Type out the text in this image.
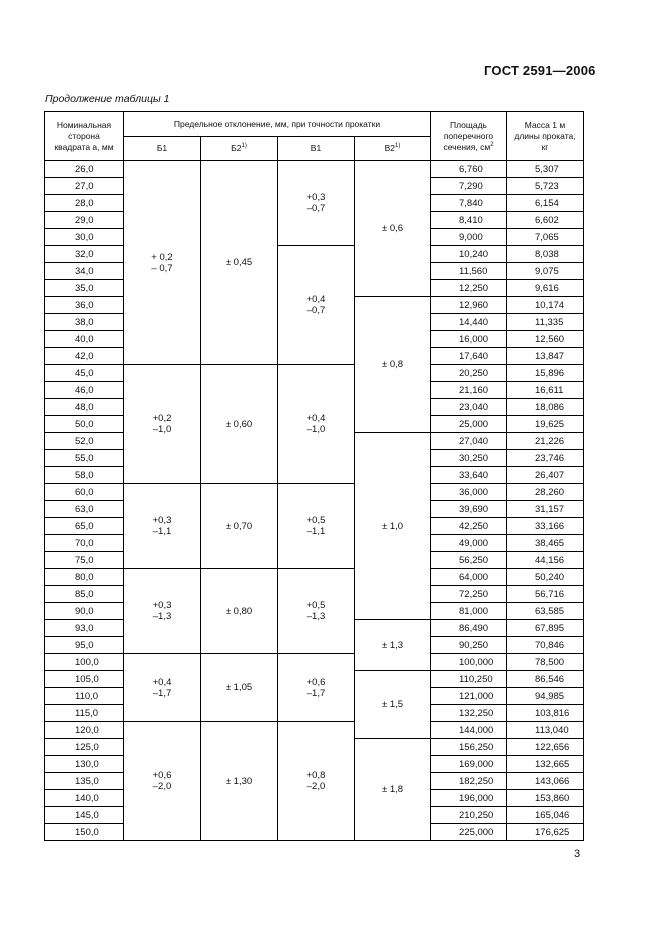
ГОСТ 2591—2006
Продолжение таблицы 1
Номинальная
сторона
квадрата а, мм	Предельное отклонение, мм, при точности прокатки				Площадь
поперечного
сечения, $см^2$	Масса 1 м
длины проката,
кг

	Б1	Б2$^{1)}$	В1	В2$^{1)}$
26,0	+ 0,2
– 0,7	± 0,45	+0,3
–0,7	± 0,6	6,760	5,307
27,0					7,290	5,723
28,0					7,840	6,154
29,0					8,410	6,602
30,0					9,000	7,065
32,0			+0,4
–0,7		10,240	8,038
34,0					11,560	9,075
35,0					12,250	9,616
36,0				± 0,8	12,960	10,174
38,0					14,440	11,335
40,0					16,000	12,560
42,0					17,640	13,847
45,0	+0,2
–1,0	± 0,60	+0,4
–1,0		20,250	15,896
46,0					21,160	16,611
48,0					23,040	18,086
50,0					25,000	19,625
52,0				± 1,0	27,040	21,226
55,0					30,250	23,746
58,0					33,640	26,407
60,0	+0,3
–1,1	± 0,70	+0,5
–1,1		36,000	28,260
63,0					39,690	31,157
65,0					42,250	33,166
70,0					49,000	38,465
75,0					56,250	44,156
80,0	+0,3
–1,3	± 0,80	+0,5
–1,3		64,000	50,240
85,0					72,250	56,716
90,0					81,000	63,585
93,0				± 1,3	86,490	67,895
95,0					90,250	70,846
100,0	+0,4
–1,7	± 1,05	+0,6
–1,7		100,000	78,500
105,0				± 1,5	110,250	86,546
110,0					121,000	94,985
115,0					132,250	103,816
120,0	+0,6
–2,0	± 1,30	+0,8
–2,0		144,000	113,040
125,0				± 1,8	156,250	122,656
130,0					169,000	132,665
135,0					182,250	143,066
140,0					196,000	153,860
145,0					210,250	165,046
150,0					225,000	176,625
3
